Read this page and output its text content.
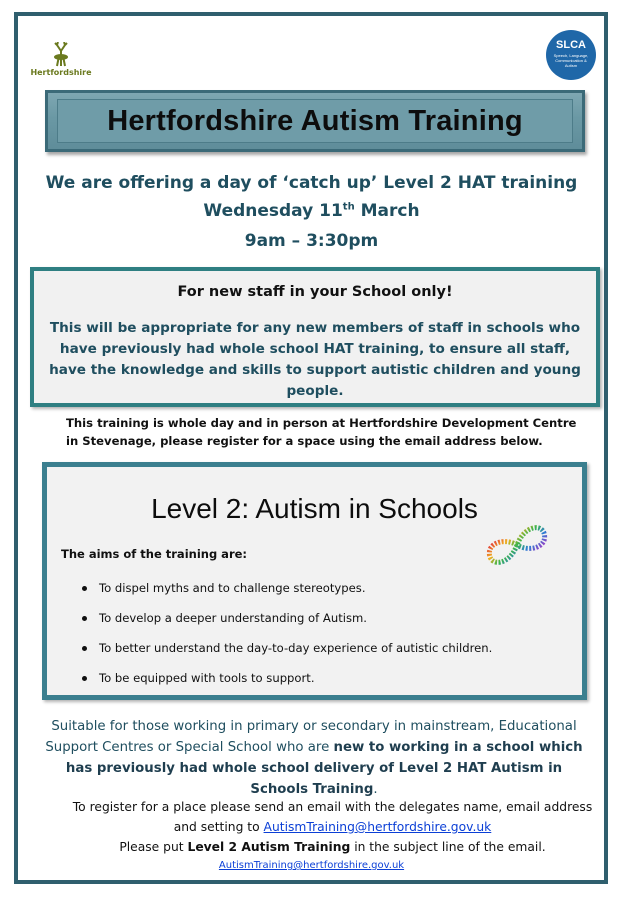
Hertfordshire
SLCA
Speech, Language, Communication & Autism
Hertfordshire Autism Training
We are offering a day of ‘catch up’ Level 2 HAT training
Wednesday 11th March
9am – 3:30pm
For new staff in your School only!
This will be appropriate for any new members of staff in schools who have previously had whole school HAT training, to ensure all staff, have the knowledge and skills to support autistic children and young people.
This training is whole day and in person at Hertfordshire Development Centre in Stevenage, please register for a space using the email address below.
Level 2: Autism in Schools
The aims of the training are:
To dispel myths and to challenge stereotypes.
To develop a deeper understanding of Autism.
To better understand the day-to-day experience of autistic children.
To be equipped with tools to support.
Suitable for those working in primary or secondary in mainstream, Educational Support Centres or Special School who are new to working in a school which has previously had whole school delivery of Level 2 HAT Autism in Schools Training.
To register for a place please send an email with the delegates name, email address and setting to AutismTraining@hertfordshire.gov.uk
Please put Level 2 Autism Training in the subject line of the email.
AutismTraining@hertfordshire.gov.uk
